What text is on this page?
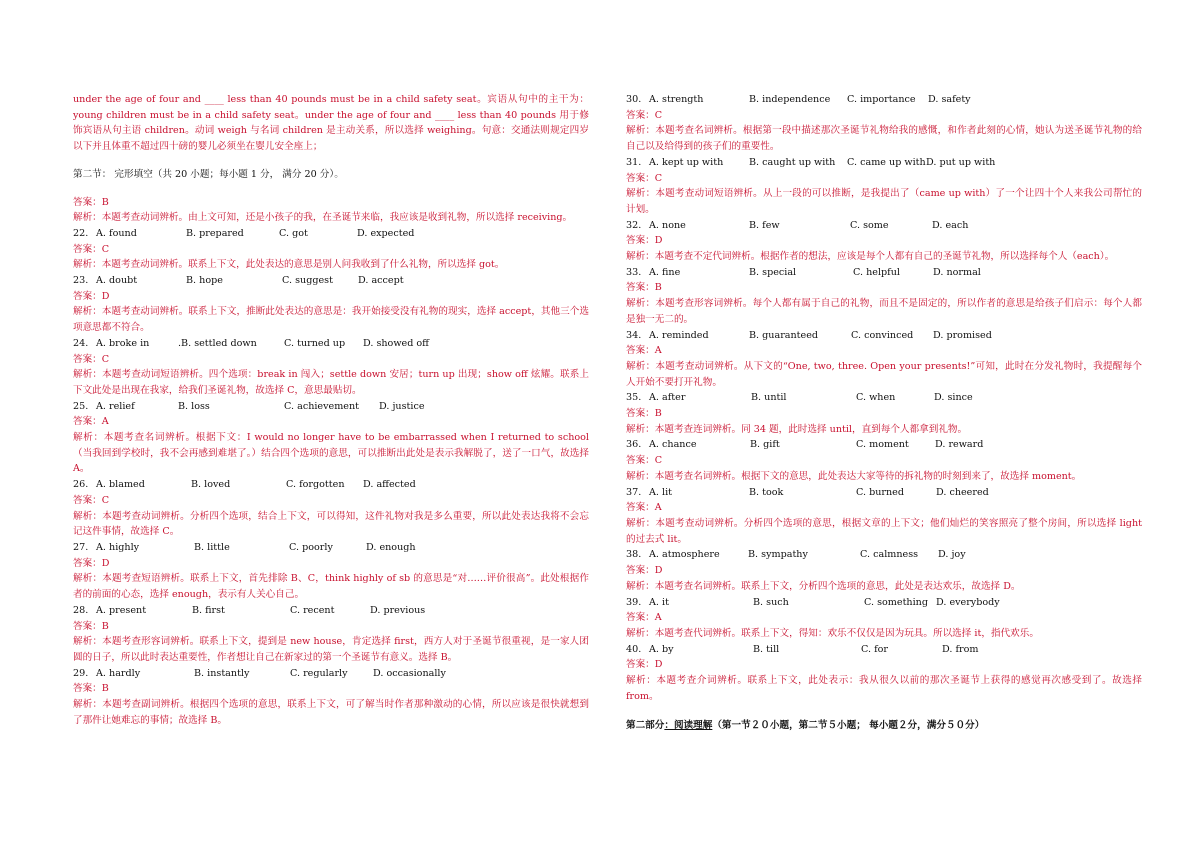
under the age of four and ____ less than 40 pounds must be in a child safety seat。宾语从句中的主干为：young children must be in a child safety seat。under the age of four and ____ less than 40 pounds 用于修饰宾语从句主语 children。动词 weigh 与名词 children 是主动关系，所以选择 weighing。句意：交通法则规定四岁以下并且体重不超过四十磅的婴儿必须坐在婴儿安全座上；

第二节： 完形填空（共 20 小题；每小题 1 分， 满分 20 分）。

答案：B

解析：本题考查动词辨析。由上文可知，还是小孩子的我，在圣诞节来临，我应该是收到礼物，所以选择 receiving。

22. A. found	B. prepared	C. got	D. expected

答案：C

解析：本题考查动词辨析。联系上下文，此处表达的意思是别人问我收到了什么礼物，所以选择 got。

23. A. doubt	B. hope	C. suggest	D. accept

答案：D

解析：本题考查动词辨析。联系上下文，推断此处表达的意思是：我开始接受没有礼物的现实，选择 accept，其他三个选项意思都不符合。

24. A. broke in	.B. settled down	C. turned up	D. showed off

答案：C

解析：本题考查动词短语辨析。四个选项：break in 闯入；settle down 安居；turn up 出现；show off 炫耀。联系上下文此处是出现在我家，给我们圣诞礼物，故选择 C，意思最贴切。

25. A. relief	B. loss	C. achievement	D. justice

答案：A

解析：本题考查名词辨析。根据下文：I would no longer have to be embarrassed when I returned to school（当我回到学校时，我不会再感到难堪了。）结合四个选项的意思，可以推断出此处是表示我解脱了，送了一口气，故选择 A。

26. A. blamed	B. loved	C. forgotten	D. affected

答案：C

解析：本题考查动词辨析。分析四个选项，结合上下文，可以得知，这件礼物对我是多么重要，所以此处表达我将不会忘记这件事情，故选择 C。

27. A. highly	B. little	C. poorly	D. enough

答案：D

解析：本题考查短语辨析。联系上下文，首先排除 B、C，think highly of sb 的意思是“对……评价很高”。此处根据作者的前面的心态，选择 enough，表示有人关心自己。

28. A. present	B. first	C. recent	D. previous

答案：B

解析：本题考查形容词辨析。联系上下文，提到是 new house，肯定选择 first，西方人对于圣诞节很重视，是一家人团圆的日子，所以此时表达重要性，作者想让自己在新家过的第一个圣诞节有意义。选择 B。

29. A. hardly	B. instantly	C. regularly	D. occasionally

答案：B

解析：本题考查副词辨析。根据四个选项的意思，联系上下文，可了解当时作者那种激动的心情，所以应该是很快就想到了那件让她难忘的事情；故选择 B。

30. A. strength	B. independence	C. importance	D. safety

答案：C

解析：本题考查名词辨析。根据第一段中描述那次圣诞节礼物给我的感慨，和作者此刻的心情，她认为送圣诞节礼物的给自己以及给得到的孩子们的重要性。

31. A. kept up with	B. caught up with	C. came up with D. put up with

答案：C

解析：本题考查动词短语辨析。从上一段的可以推断，是我提出了（came up with）了一个让四十个人来我公司帮忙的计划。

32. A. none	B. few	C. some	D. each

答案：D

解析：本题考查不定代词辨析。根据作者的想法，应该是每个人都有自己的圣诞节礼物，所以选择每个人（each）。

33. A. fine	B. special	C. helpful	D. normal

答案：B

解析：本题考查形容词辨析。每个人都有属于自己的礼物，而且不是固定的，所以作者的意思是给孩子们启示：每个人都是独一无二的。

34. A. reminded	B. guaranteed	C. convinced	D. promised

答案：A

解析：本题考查动词辨析。从下文的“One, two, three. Open your presents!”可知，此时在分发礼物时，我提醒每个人开始不要打开礼物。

35. A. after	B. until	C. when	D. since

答案：B

解析：本题考查连词辨析。同 34 题，此时选择 until，直到每个人都拿到礼物。

36. A. chance	B. gift	C. moment	D. reward

答案：C

解析：本题考查名词辨析。根据下文的意思，此处表达大家等待的拆礼物的时刻到来了，故选择 moment。

37. A. lit	B. took	C. burned	D. cheered

答案：A

解析：本题考查动词辨析。分析四个选项的意思，根据文章的上下文；他们灿烂的笑容照亮了整个房间，所以选择 light 的过去式 lit。

38. A. atmosphere	B. sympathy	C. calmness	D. joy

答案：D

解析：本题考查名词辨析。联系上下文，分析四个选项的意思，此处是表达欢乐，故选择 D。

39. A. it	B. such	C. something D. everybody

答案：A

解析：本题考查代词辨析。联系上下文，得知：欢乐不仅仅是因为玩具。所以选择 it，指代欢乐。

40. A. by	B. till	C. for	D. from

答案：D

解析：本题考查介词辨析。联系上下文，此处表示：我从很久以前的那次圣诞节上获得的感觉再次感受到了。故选择 from。

第二部分：阅读理解（第一节２０小题，第二节５小题； 每小题２分，满分５０分）
